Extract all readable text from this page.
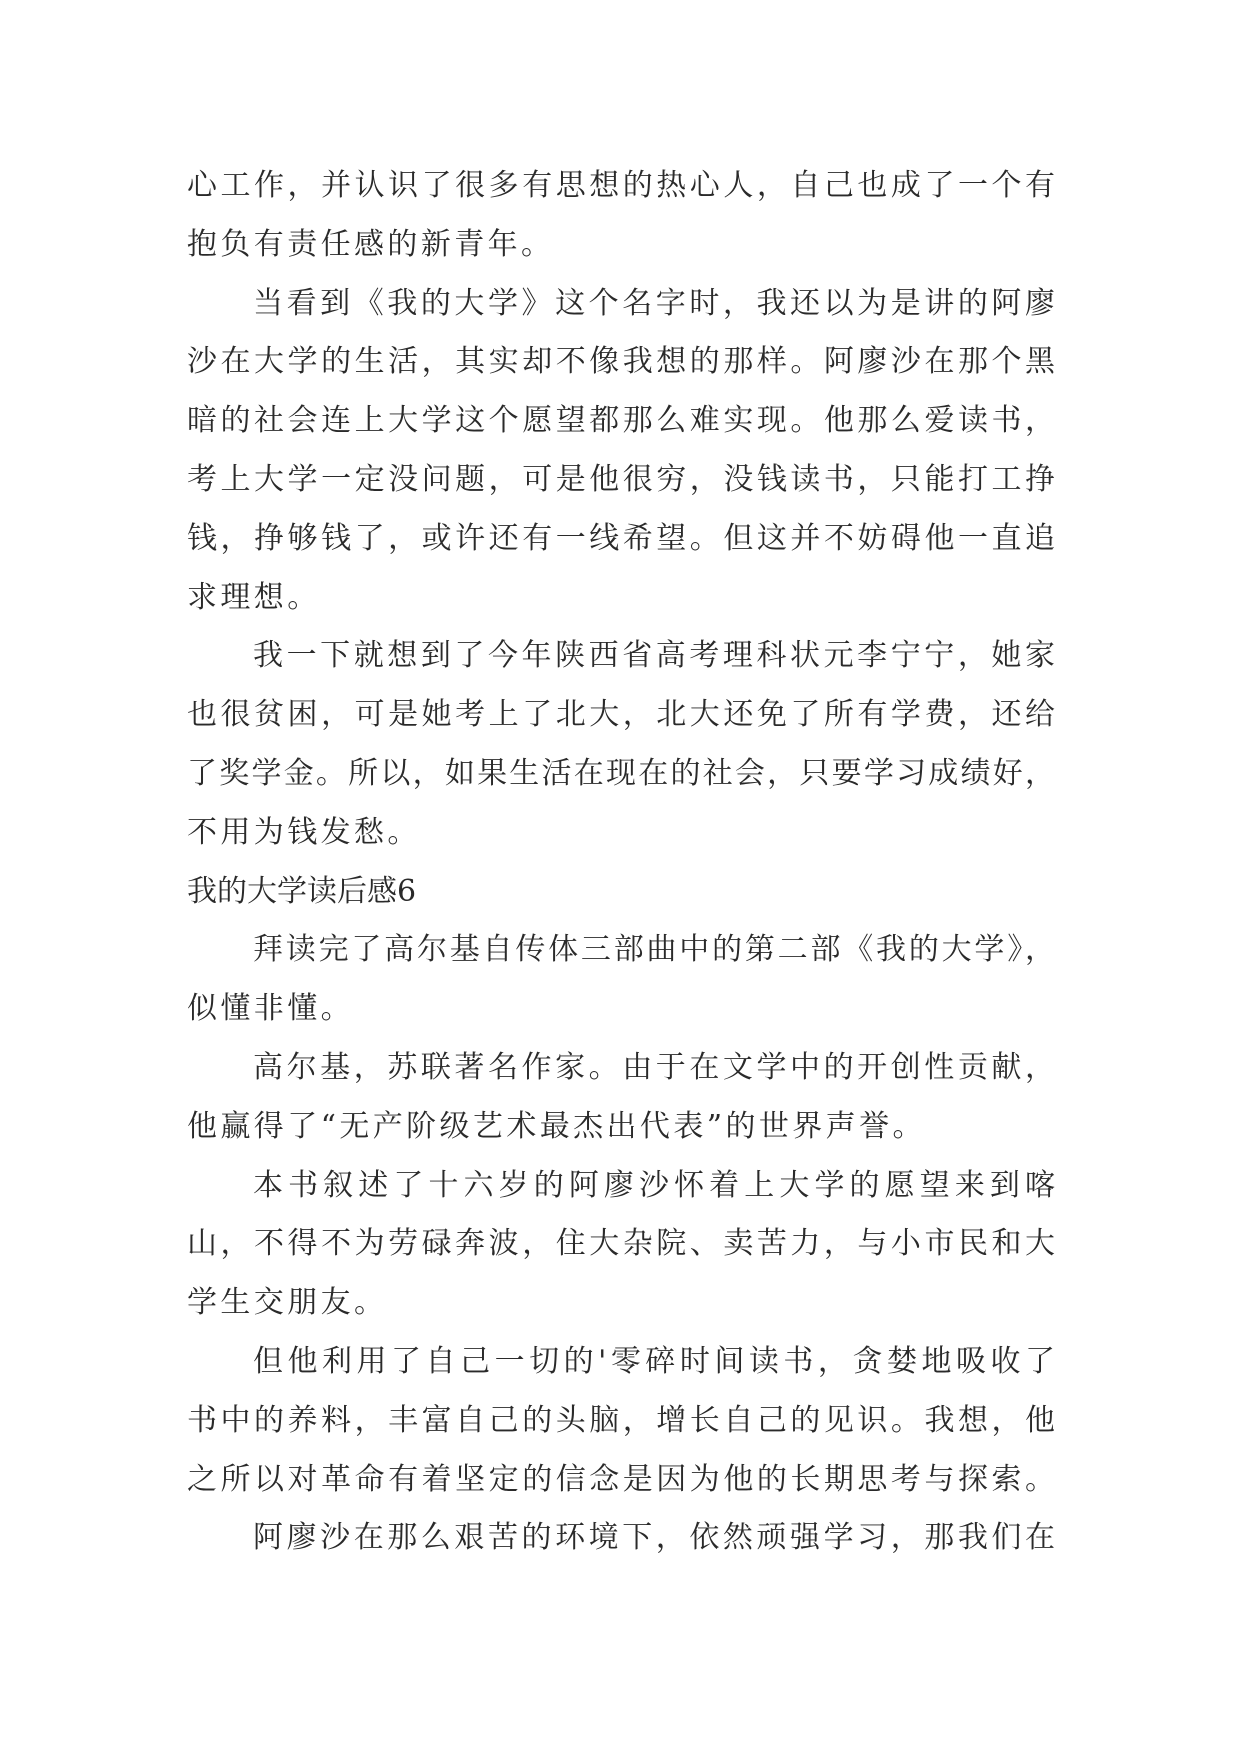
心工作，并认识了很多有思想的热心人，自己也成了一个有
抱负有责任感的新青年。
当看到《我的大学》这个名字时，我还以为是讲的阿廖
沙在大学的生活，其实却不像我想的那样。阿廖沙在那个黑
暗的社会连上大学这个愿望都那么难实现。他那么爱读书，
考上大学一定没问题，可是他很穷，没钱读书，只能打工挣
钱，挣够钱了，或许还有一线希望。但这并不妨碍他一直追
求理想。
我一下就想到了今年陕西省高考理科状元李宁宁，她家
也很贫困，可是她考上了北大，北大还免了所有学费，还给
了奖学金。所以，如果生活在现在的社会，只要学习成绩好，
不用为钱发愁。
我的大学读后感6
拜读完了高尔基自传体三部曲中的第二部《我的大学》，
似懂非懂。
高尔基，苏联著名作家。由于在文学中的开创性贡献，
他赢得了“无产阶级艺术最杰出代表”的世界声誉。
本书叙述了十六岁的阿廖沙怀着上大学的愿望来到喀
山，不得不为劳碌奔波，住大杂院、卖苦力，与小市民和大
学生交朋友。
但他利用了自己一切的'零碎时间读书，贪婪地吸收了
书中的养料，丰富自己的头脑，增长自己的见识。我想，他
之所以对革命有着坚定的信念是因为他的长期思考与探索。
阿廖沙在那么艰苦的环境下，依然顽强学习，那我们在
